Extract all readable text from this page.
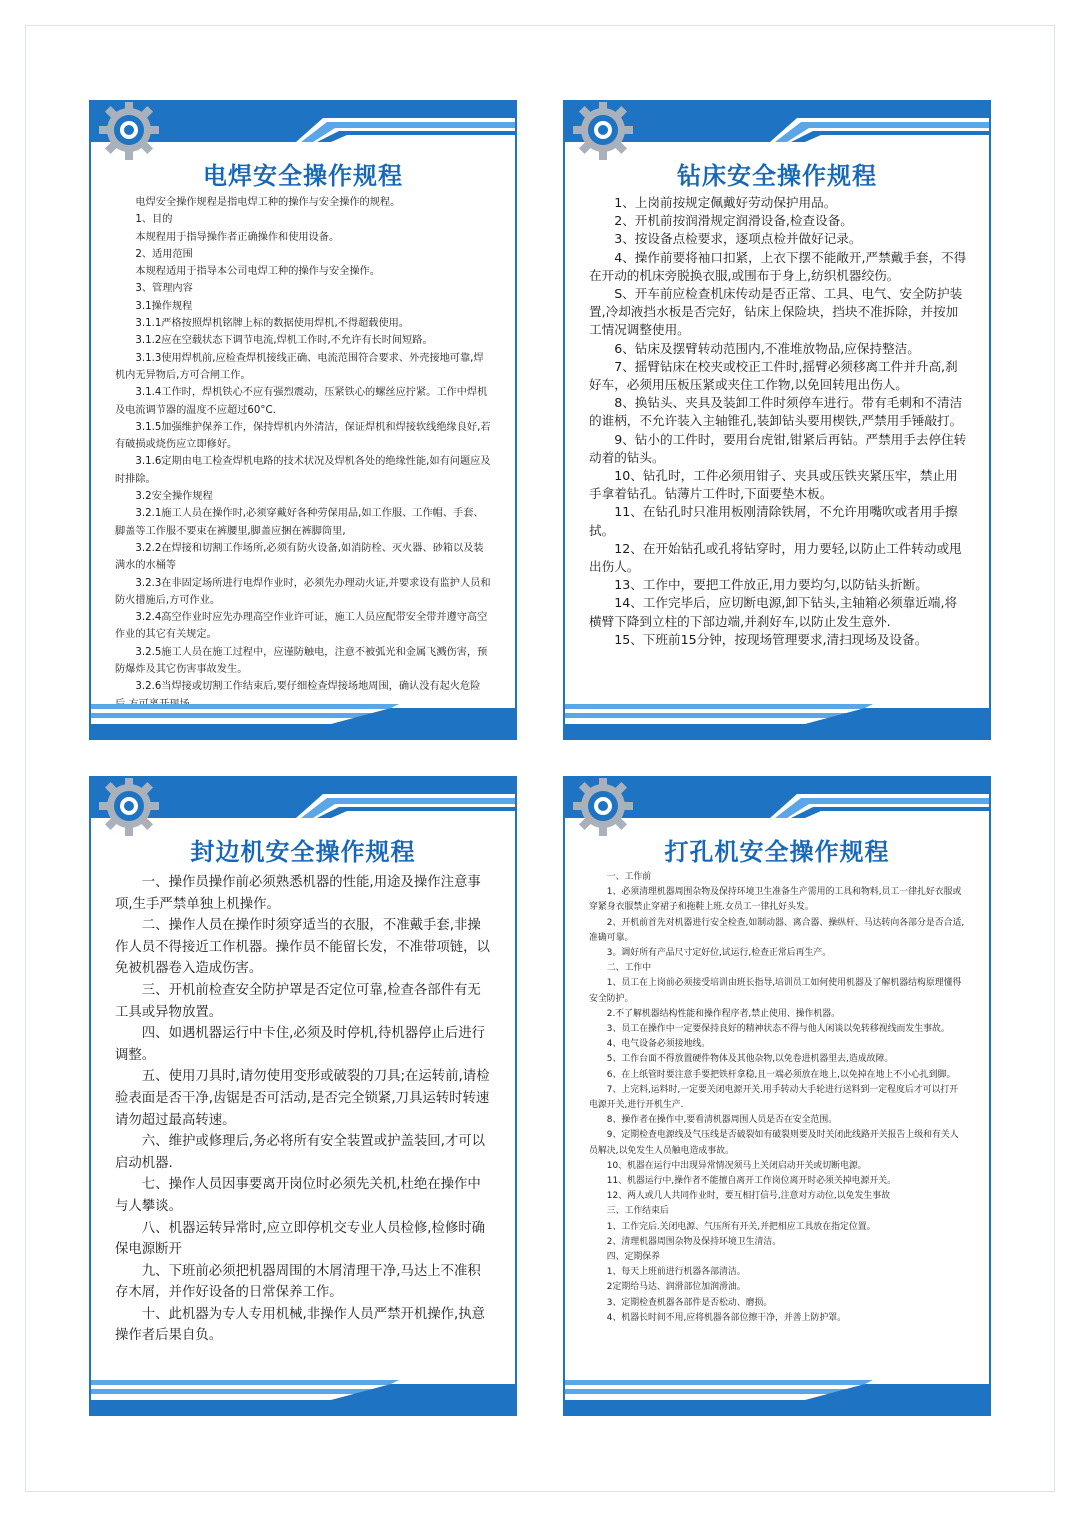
电焊安全操作规程

电焊安全操作规程是指电焊工种的操作与安全操作的规程。

1、目的

本规程用于指导操作者正确操作和使用设备。

2、适用范围

本规程适用于指导本公司电焊工种的操作与安全操作。

3、管理内容

3.1操作规程

3.1.1严格按照焊机铭牌上标的数据使用焊机,不得超载使用。

3.1.2应在空载状态下调节电流,焊机工作时,不允许有长时间短路。

3.1.3使用焊机前,应检查焊机接线正确、电流范围符合要求、外壳接地可靠,焊机内无异物后,方可合闸工作。

3.1.4工作时，焊机铁心不应有强烈震动，压紧铁心的螺丝应拧紧。工作中焊机及电流调节器的温度不应超过60°C.

3.1.5加强维护保养工作，保持焊机内外清洁，保证焊机和焊接软线绝缘良好,若有破损或烧伤应立即修好。

3.1.6定期由电工检查焊机电路的技术状况及焊机各处的绝缘性能,如有问题应及时排除。

3.2安全操作规程

3.2.1施工人员在操作时,必须穿戴好各种劳保用品,如工作服、工作帽、手套、脚盖等工作服不要束在裤腰里,脚盖应捆在裤脚筒里,

3.2.2在焊接和切割工作场所,必须有防火设备,如消防栓、灭火器、砂箱以及装满水的水桶等

3.2.3在非固定场所进行电焊作业时，必须先办理动火证,并要求设有监护人员和防火措施后,方可作业。

3.2.4高空作业时应先办理高空作业许可证，施工人员应配带安全带并遵守高空作业的其它有关规定。

3.2.5施工人员在施工过程中，应谨防触电，注意不被弧光和金属飞溅伤害，预防爆炸及其它伤害事故发生。

3.2.6当焊接或切割工作结束后,要仔细检查焊接场地周围，确认没有起火危险

钻床安全操作规程

1、上岗前按规定佩戴好劳动保护用品。

2、开机前按润滑规定润滑设备,检查设备。

3、按设备点检要求，逐项点检并做好记录。

4、操作前要将袖口扣紧，上衣下摆不能敞开,严禁戴手套，不得在开动的机床旁脱换衣服,或围布于身上,纺织机器绞伤。

S、开车前应检查机床传动是否正常、工具、电气、安全防护装置,冷却液挡水板是否完好，钻床上保险块，挡块不准拆除，并按加工情况调整使用。

6、钻床及摆臂转动范围内,不准堆放物品,应保持整洁。

7、摇臂钻床在校夹或校正工件时,摇臂必须移离工件并升高,刹好车，必须用压板压紧或夹住工作物,以免回转甩出伤人。

8、换钻头、夹具及装卸工件时须停车进行。带有毛刺和不清洁的谁柄，不允许装入主轴锥孔,装卸钻头要用楔铁,严禁用手锤敲打。

9、钻小的工件时，要用台虎钳,钳紧后再钻。严禁用手去停住转动着的钻头。

10、钻孔时，工件必须用钳子、夹具或压铁夹紧压牢，禁止用手拿着钻孔。钻薄片工件时,下面要垫木板。

11、在钻孔时只准用板刚清除铁屑，不允许用嘴吹或者用手擦拭。

12、在开始钻孔或孔将钻穿时，用力要轻,以防止工件转动或甩出伤人。

13、工作中，要把工件放正,用力要均匀,以防钻头折断。

14、工作完毕后，应切断电源,卸下钻头,主轴箱必须靠近端,将横臂下降到立柱的下部边端,并刹好车,以防止发生意外.

15、下班前15分钟，按现场管理要求,清扫现场及设备。

封边机安全操作规程

一、操作员操作前必须熟悉机器的性能,用途及操作注意事项,生手严禁单独上机操作。

二、操作人员在操作时须穿适当的衣服，不准戴手套,非操作人员不得接近工作机器。操作员不能留长发，不准带项链，以免被机器卷入造成伤害。

三、开机前检查安全防护罩是否定位可靠,检查各部件有无工具或异物放置。

四、如遇机器运行中卡住,必须及时停机,待机器停止后进行调整。

五、使用刀具时,请勿使用变形或破裂的刀具;在运转前,请检验表面是否干净,齿锯是否可活动,是否完全锁紧,刀具运转时转速请勿超过最高转速。

六、维护或修理后,务必将所有安全装置或护盖装回,才可以启动机器.

七、操作人员因事要离开岗位时必须先关机,杜绝在操作中与人攀谈。

八、机器运转异常时,应立即停机交专业人员检修,检修时确保电源断开

九、下班前必须把机器周围的木屑清理干净,马达上不准积存木屑，并作好设备的日常保养工作。

十、此机器为专人专用机械,非操作人员严禁开机操作,执意操作者后果自负。

打孔机安全操作规程

一、工作前

1、必须清理机器周围杂物及保持环境卫生准备生产需用的工具和物料,员工一律扎好衣服或穿紧身衣服禁止穿裙子和拖鞋上班.女员工一律扎好头发。

2、开机前首先对机器进行安全检查,如制动器、离合器、操纵杆、马达转向各部分是否合适,准确可靠。

3。调好所有产品尺寸定好位,试运行,检查正常后再生产。

二、工作中

1、员工在上岗前必须接受培训由班长指导,培训员工如何使用机器及了解机器结构原理懂得安全防护。

2.不了解机器结构性能和操作程序者,禁止使用、操作机器。

3、员工在操作中一定要保持良好的精神状态不得与他人闲谈以免转移视线而发生事故。

4、电气设备必须接地线。

5、工作台面不得放置硬件物体及其他杂物,以免卷进机器里去,造成故障。

6、在上纸管时要注意手要把铁杆拿稳,且一端必须放在地上,以免掉在地上不小心扎到脚。

7、上完料,运料时,一定要关闭电源开关.用手转动大手轮进行送料到一定程度后才可以打开电源开关,进行开机生产.

8、操作者在操作中,要看清机器周围人员是否在安全范围。

9、定期检查电源线及气压线是否破裂如有破裂则要及时关闭此线路开关报告上级和有关人员解决,以免发生人员触电造成事故。

10、机器在运行中出现异常情况须马上关闭启动开关或切断电源。

11、机器运行中,操作者不能擅自离开工作岗位离开时必须关掉电源开关。

12、两人或几人共同作业时，要互相打信号,注意对方动位,以免发生事故

三、工作结束后

1、工作完后.关闭电源、气压所有开关,并把相应工具放在指定位置。

2、清理机器周围杂物及保持环境卫生清洁。

四、定期保养

1、每天上班前进行机器各部清洁。

2定期给马达、润滑部位加润滑油。

3、定期检查机器各部件是否松动、磨损。

4、机器长时间不用,应将机器各部位擦干净，并善上防护罩。
